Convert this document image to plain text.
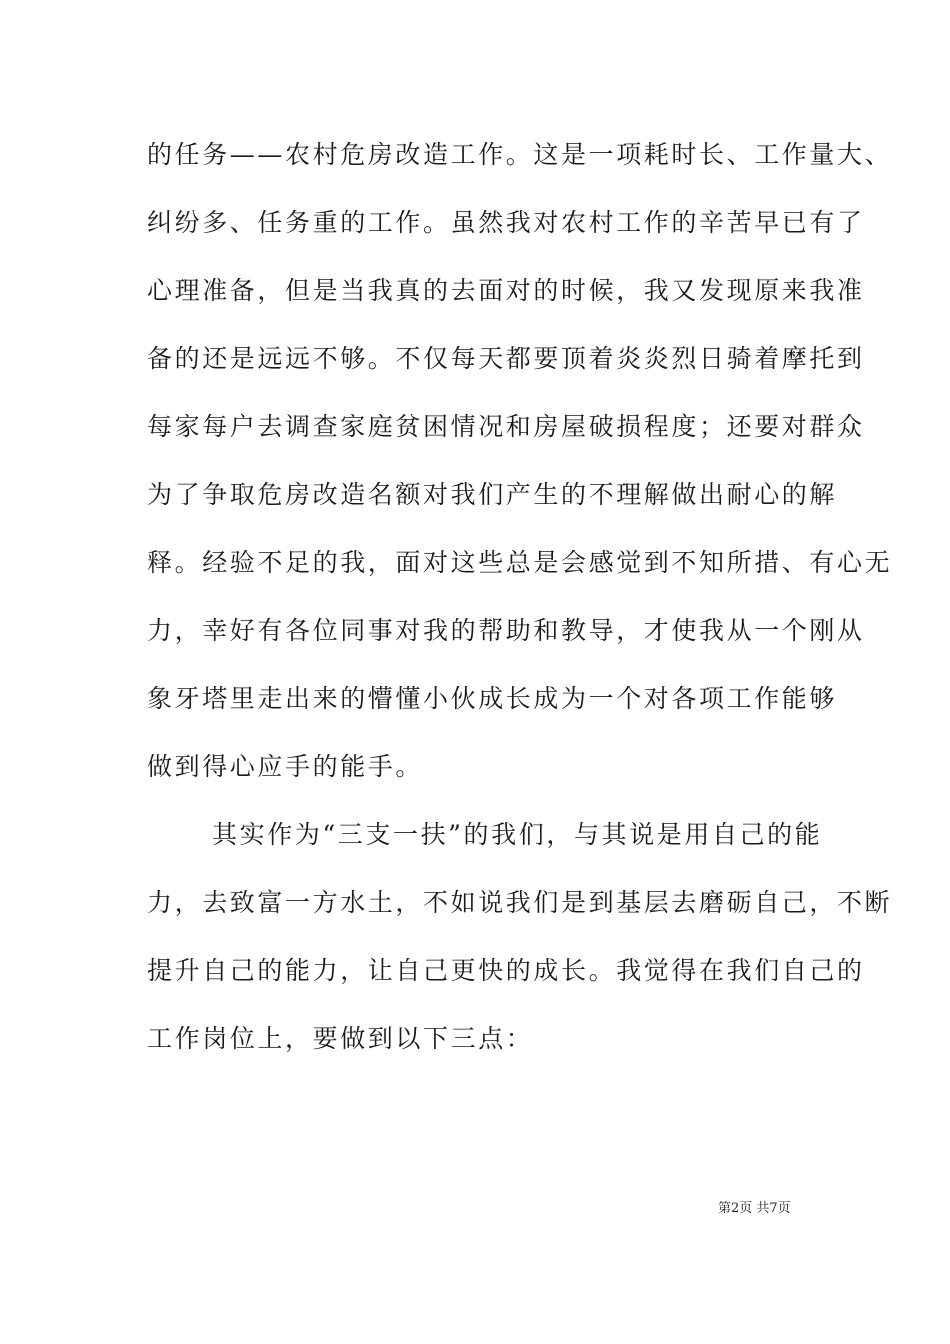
的任务——农村危房改造工作。这是一项耗时长、工作量大、
纠纷多、任务重的工作。虽然我对农村工作的辛苦早已有了
心理准备，但是当我真的去面对的时候，我又发现原来我准
备的还是远远不够。不仅每天都要顶着炎炎烈日骑着摩托到
每家每户去调查家庭贫困情况和房屋破损程度；还要对群众
为了争取危房改造名额对我们产生的不理解做出耐心的解
释。经验不足的我，面对这些总是会感觉到不知所措、有心无
力，幸好有各位同事对我的帮助和教导，才使我从一个刚从
象牙塔里走出来的懵懂小伙成长成为一个对各项工作能够
做到得心应手的能手。
其实作为“三支一扶”的我们，与其说是用自己的能
力，去致富一方水土，不如说我们是到基层去磨砺自己，不断
提升自己的能力，让自己更快的成长。我觉得在我们自己的
工作岗位上，要做到以下三点：
第2页 共7页
